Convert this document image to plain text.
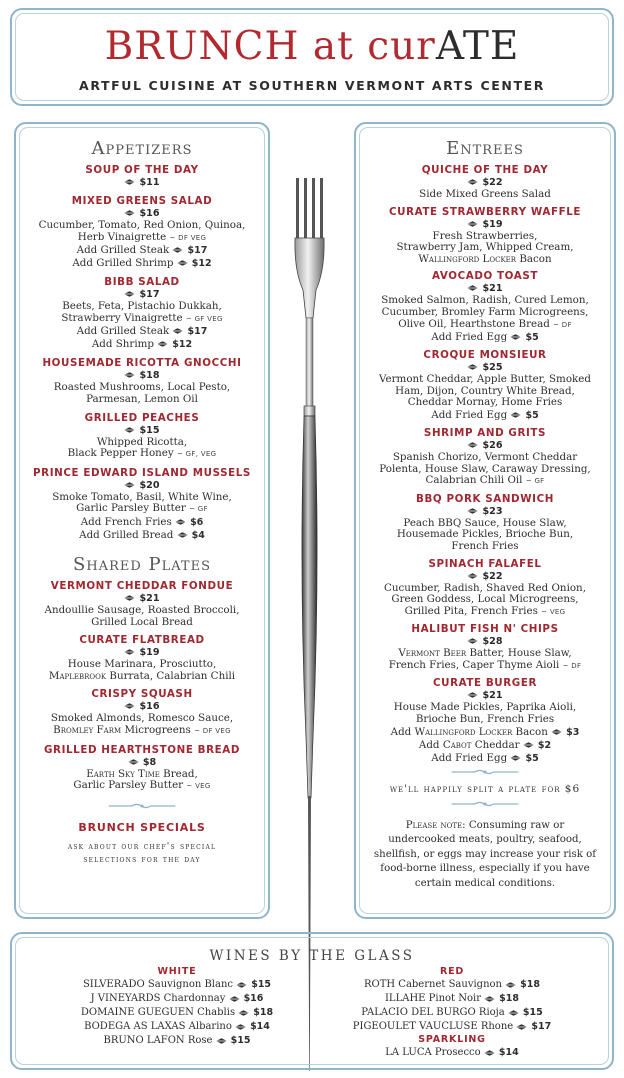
BRUNCH at curATE
ARTFUL CUISINE AT SOUTHERN VERMONT ARTS CENTER
Appetizers
SOUP OF THE DAY
$11
MIXED GREENS SALAD
$16
Cucumber, Tomato, Red Onion, Quinoa,
Herb Vinaigrette ~ DF VEG
Add Grilled Steak $17
Add Grilled Shrimp $12
BIBB SALAD
$17
Beets, Feta, Pistachio Dukkah,
Strawberry Vinaigrette ~ GF VEG
Add Grilled Steak $17
Add Shrimp $12
HOUSEMADE RICOTTA GNOCCHI
$18
Roasted Mushrooms, Local Pesto,
Parmesan, Lemon Oil
GRILLED PEACHES
$15
Whipped Ricotta,
Black Pepper Honey ~ GF, VEG
PRINCE EDWARD ISLAND MUSSELS
$20
Smoke Tomato, Basil, White Wine,
Garlic Parsley Butter ~ GF
Add French Fries $6
Add Grilled Bread $4
Shared Plates
VERMONT CHEDDAR FONDUE
$21
Andoullie Sausage, Roasted Broccoli,
Grilled Local Bread
CURATE FLATBREAD
$19
House Marinara, Prosciutto,
Maplebrook Burrata, Calabrian Chili
CRISPY SQUASH
$16
Smoked Almonds, Romesco Sauce,
Bromley Farm Microgreens ~ DF VEG
GRILLED HEARTHSTONE BREAD
$8
Earth Sky Time Bread,
Garlic Parsley Butter ~ VEG
BRUNCH SPECIALS
ask about our chef's special
selections for the day
Entrees
QUICHE OF THE DAY
$22
Side Mixed Greens Salad
CURATE STRAWBERRY WAFFLE
$19
Fresh Strawberries,
Strawberry Jam, Whipped Cream,
Wallingford Locker Bacon
AVOCADO TOAST
$21
Smoked Salmon, Radish, Cured Lemon,
Cucumber, Bromley Farm Microgreens,
Olive Oil, Hearthstone Bread ~ DF
Add Fried Egg $5
CROQUE MONSIEUR
$25
Vermont Cheddar, Apple Butter, Smoked
Ham, Dijon, Country White Bread,
Cheddar Mornay, Home Fries
Add Fried Egg $5
SHRIMP AND GRITS
$26
Spanish Chorizo, Vermont Cheddar
Polenta, House Slaw, Caraway Dressing,
Calabrian Chili Oil ~ GF
BBQ PORK SANDWICH
$23
Peach BBQ Sauce, House Slaw,
Housemade Pickles, Brioche Bun,
French Fries
SPINACH FALAFEL
$22
Cucumber, Radish, Shaved Red Onion,
Green Goddess, Local Microgreens,
Grilled Pita, French Fries ~ VEG
HALIBUT FISH N' CHIPS
$28
Vermont Beer Batter, House Slaw,
French Fries, Caper Thyme Aioli ~ DF
CURATE BURGER
$21
House Made Pickles, Paprika Aioli,
Brioche Bun, French Fries
Add Wallingford Locker Bacon $3
Add Cabot Cheddar $2
Add Fried Egg $5
we'll happily split a plate for $6
Please note: Consuming raw or
undercooked meats, poultry, seafood,
shellfish, or eggs may increase your risk of
food-borne illness, especially if you have
certain medical conditions.
WINES BY THE GLASS
WHITE
SILVERADO Sauvignon Blanc $15
J VINEYARDS Chardonnay $16
DOMAINE GUEGUEN Chablis $18
BODEGA AS LAXAS Albarino $14
BRUNO LAFON Rose $15
RED
ROTH Cabernet Sauvignon $18
ILLAHE Pinot Noir $18
PALACIO DEL BURGO Rioja $15
PIGEOULET VAUCLUSE Rhone $17
SPARKLING
LA LUCA Prosecco $14
